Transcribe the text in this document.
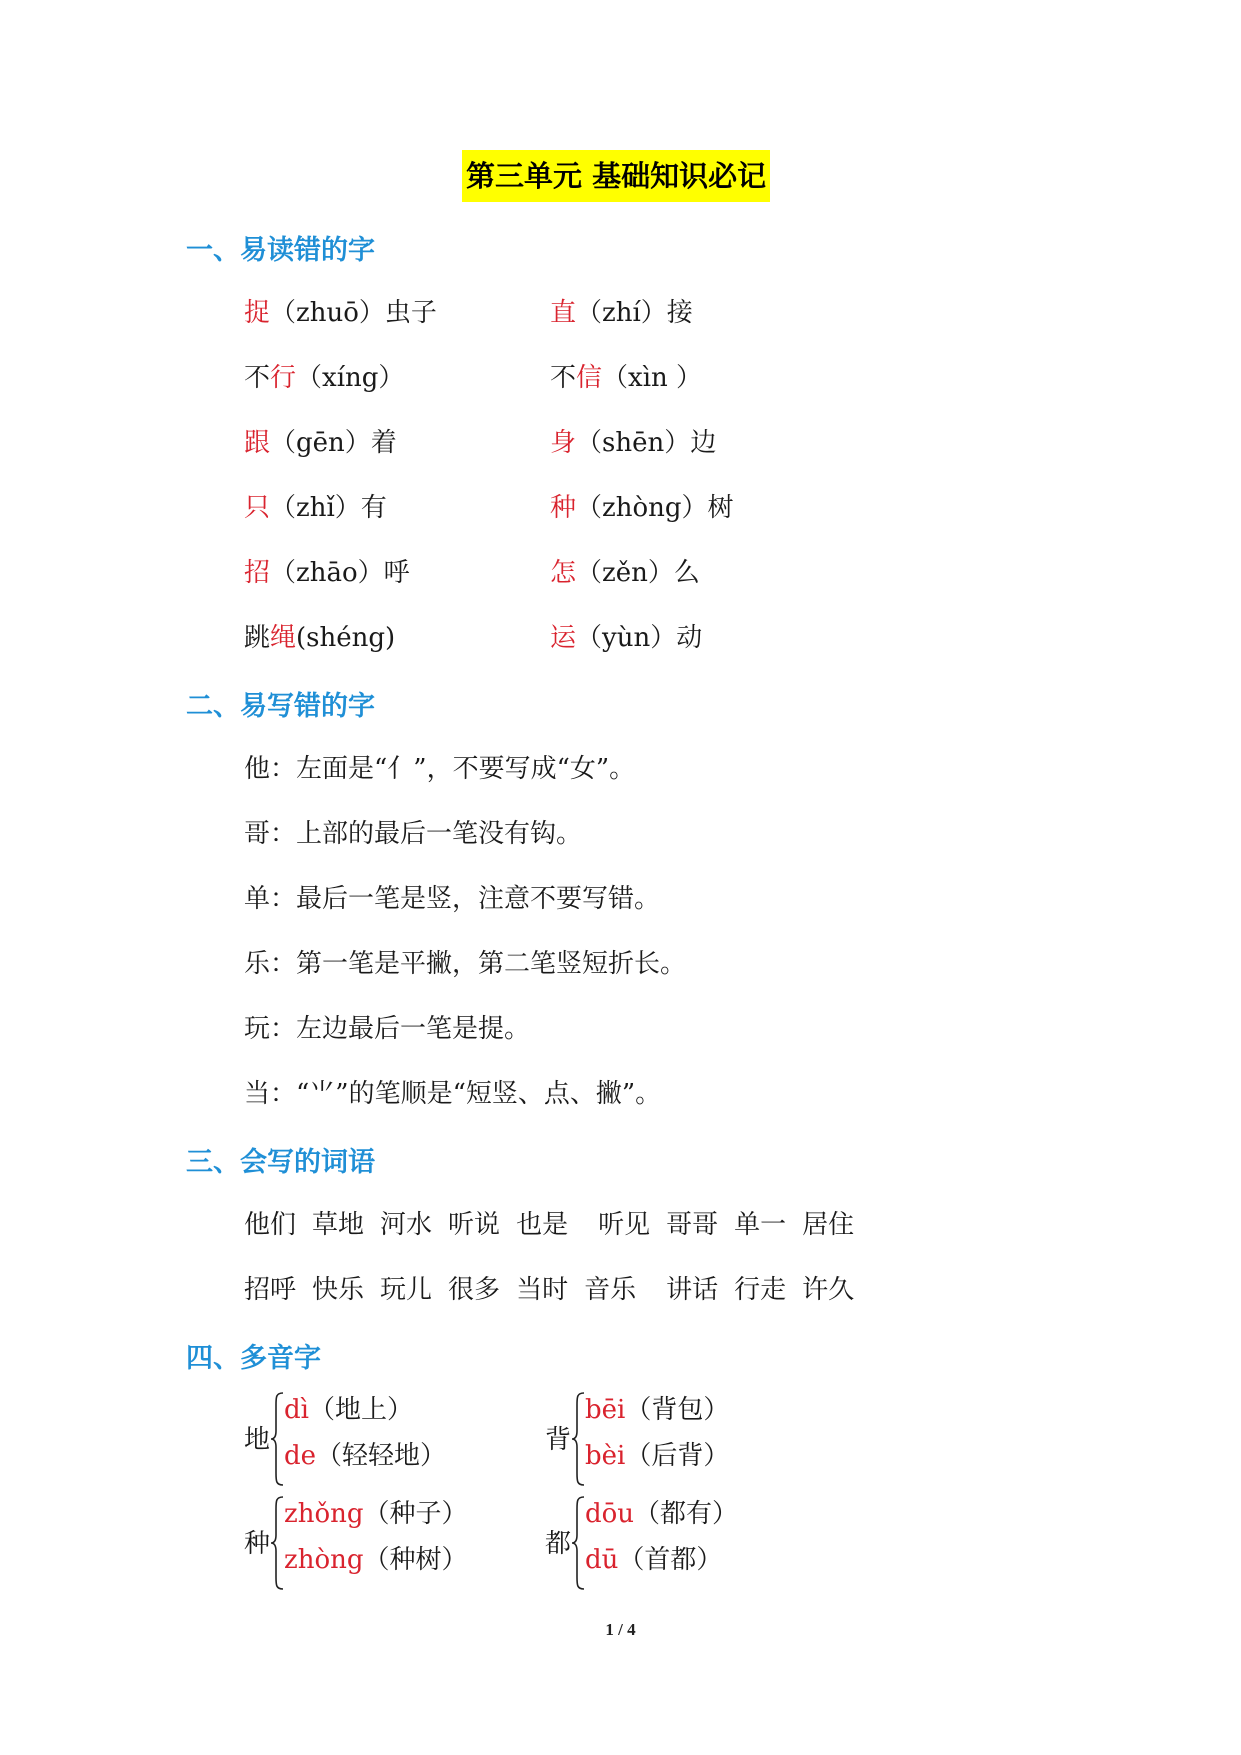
第三单元 基础知识必记
一、易读错的字
捉（zhuō）虫子	直（zhí）接
不行（xíng）	不信（xìn ）
跟（gēn）着	身（shēn）边
只（zhǐ）有	种（zhòng）树
招（zhāo）呼	怎（zěn）么
跳绳(shéng)	运（yùn）动
二、易写错的字
他：左面是“亻”，不要写成“女”。
哥：上部的最后一笔没有钩。
单：最后一笔是竖，注意不要写错。
乐：第一笔是平撇，第二笔竖短折长。
玩：左边最后一笔是提。
当：“⺌”的笔顺是“短竖、点、撇”。
三、会写的词语
他们 草地 河水 听说 也是 听见 哥哥 单一 居住
招呼 快乐 玩儿 很多 当时 音乐 讲话 行走 许久
四、多音字
地
dì（地上）
de（轻轻地）
背
bēi（背包）
bèi（后背）
种
zhǒng（种子）
zhòng（种树）
都
dōu（都有）
dū（首都）
1 / 4
